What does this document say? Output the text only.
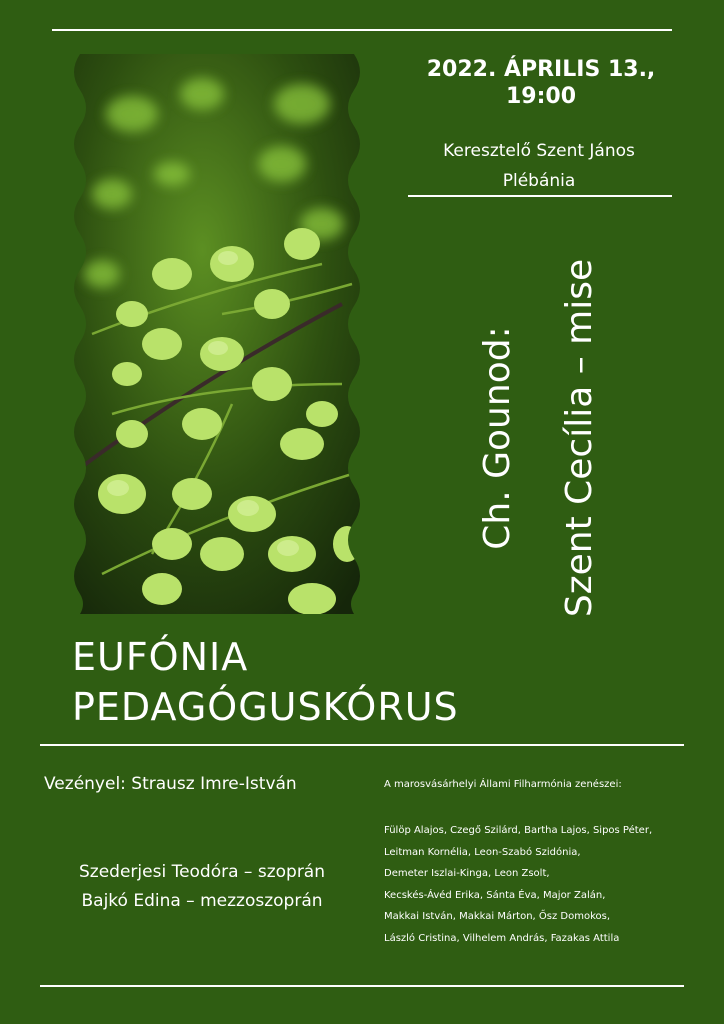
2022. ÁPRILIS 13.,
19:00
Keresztelő Szent János
Plébánia
Ch. Gounod: Szent Cecília – mise
EUFÓNIA
PEDAGÓGUSKÓRUS
Vezényel: Strausz Imre-István
Szederjesi Teodóra – szoprán
Bajkó Edina – mezzoszoprán
A marosvásárhelyi Állami Filharmónia zenészei:
Fülöp Alajos, Czegő Szilárd, Bartha Lajos, Sipos Péter,
Leitman Kornélia, Leon-Szabó Szidónia,
Demeter Iszlai-Kinga, Leon Zsolt,
Kecskés-Ávéd Erika, Sánta Éva, Major Zalán,
Makkai István, Makkai Márton, Ősz Domokos,
László Cristina, Vilhelem András, Fazakas Attila
